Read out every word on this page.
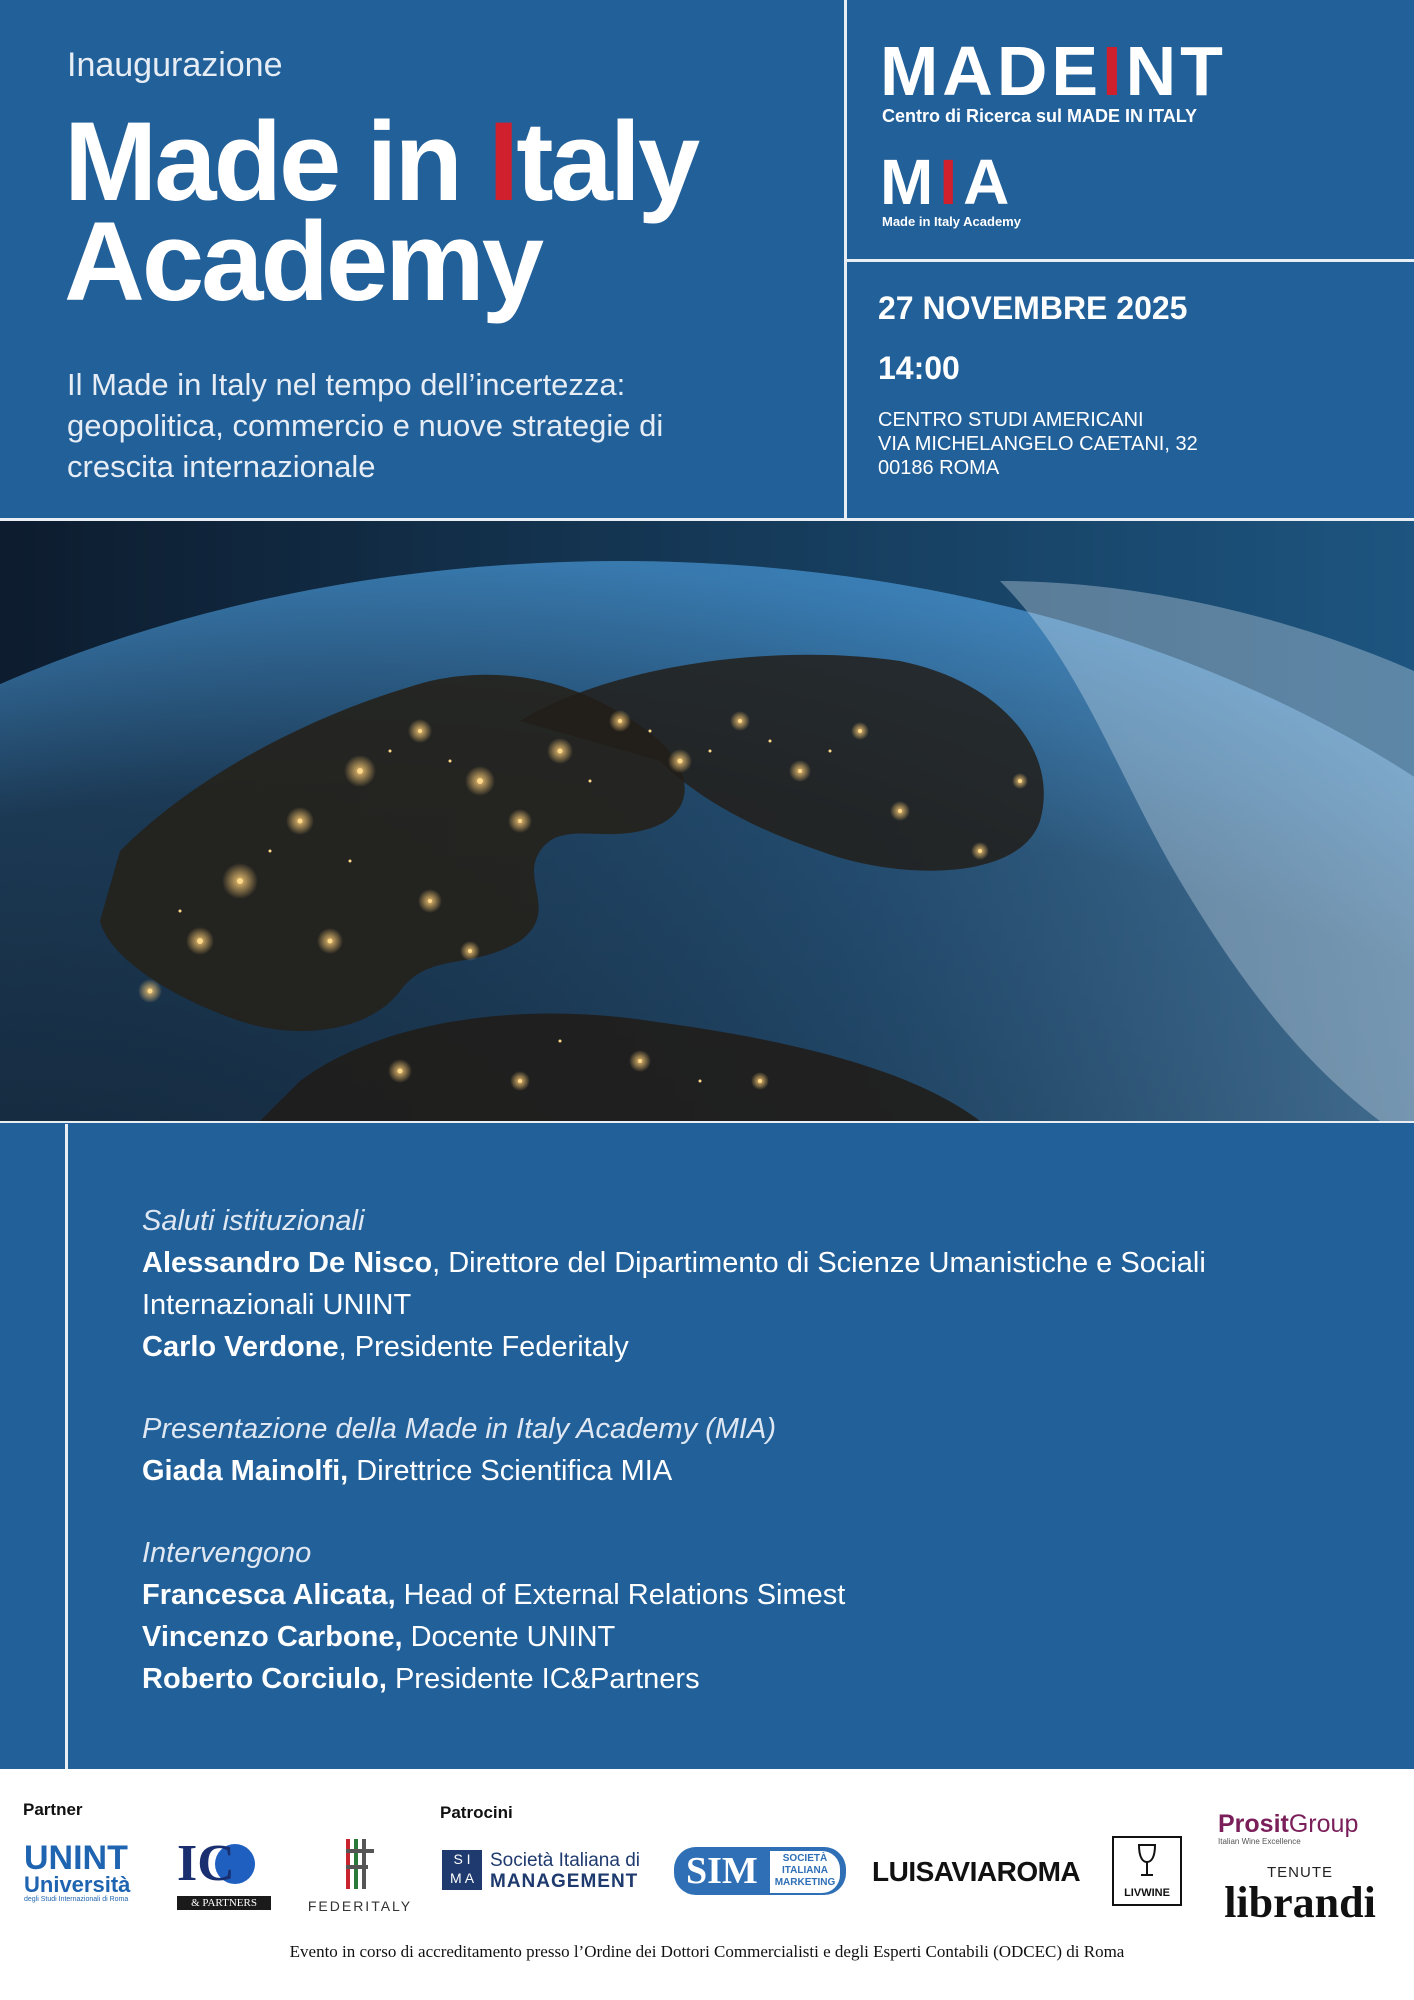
Inaugurazione
Made in Italy
Academy
Il Made in Italy nel tempo dell’incertezza: geopolitica, commercio e nuove strategie di crescita internazionale
MADEINT
Centro di Ricerca sul MADE IN ITALY
MIA
Made in Italy Academy
27 NOVEMBRE 2025
14:00
CENTRO STUDI AMERICANI
VIA MICHELANGELO CAETANI, 32
00186 ROMA
Saluti istituzionali
Alessandro De Nisco, Direttore del Dipartimento di Scienze Umanistiche e Sociali Internazionali UNINT
Carlo Verdone, Presidente Federitaly
Presentazione della Made in Italy Academy (MIA)
Giada Mainolfi, Direttrice Scientifica MIA
Intervengono
Francesca Alicata, Head of External Relations Simest
Vincenzo Carbone, Docente UNINT
Roberto Corciulo, Presidente IC&Partners
Partner	Patrocini
UNINT
Università
degli Studi Internazionali di Roma
IC
& PARTNERS	FEDERITALY
S I
M A
Società Italiana di
MANAGEMENT SIM	SOCIETÀ
ITALIANA
MARKETING LUISAVIAROMA
LIVWINE
PrositGroup
Italian Wine Excellence
TENUTE
librandi
Evento in corso di accreditamento presso l’Ordine dei Dottori Commercialisti e degli Esperti Contabili (ODCEC) di Roma
